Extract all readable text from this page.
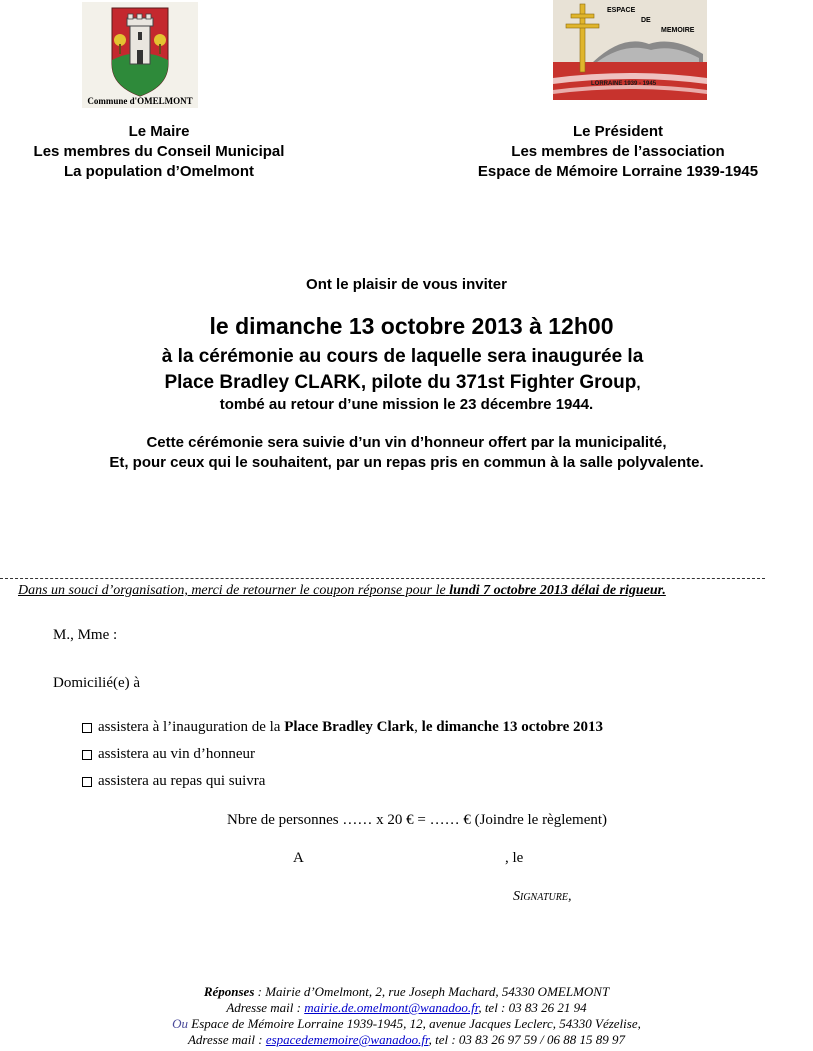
Commune d'OMELMONT
ESPACE
DE
MEMOIRE
LORRAINE 1939 - 1945
Le Maire
Les membres du Conseil Municipal
La population d’Omelmont
Le Président
Les membres de l’association
Espace de Mémoire Lorraine 1939-1945
Ont le plaisir de vous inviter
le dimanche 13 octobre 2013 à 12h00
à la cérémonie au cours de laquelle sera inaugurée la
Place Bradley CLARK, pilote du 371st Fighter Group,
tombé au retour d’une mission le 23 décembre 1944.
Cette cérémonie sera suivie d’un vin d’honneur offert par la municipalité,
Et, pour ceux qui le souhaitent, par un repas pris en commun à la salle polyvalente.
Dans un souci d’organisation, merci de retourner le coupon réponse pour le lundi 7 octobre 2013 délai de rigueur.
M., Mme :
Domicilié(e) à
assistera à l’inauguration de la
Place Bradley Clark ,
le dimanche 13 octobre 2013
assistera au vin d’honneur
assistera au repas qui suivra
Nbre de personnes …… x 20 € = …… € (Joindre le règlement)
A	, le
Signature,
Réponses : Mairie d’Omelmont, 2, rue Joseph Machard, 54330 OMELMONT
Adresse mail : mairie.de.omelmont@wanadoo.fr, tel : 03 83 26 21 94
Ou Espace de Mémoire Lorraine 1939-1945, 12, avenue Jacques Leclerc, 54330 Vézelise,
Adresse mail : espacedememoire@wanadoo.fr, tel : 03 83 26 97 59 / 06 88 15 89 97
